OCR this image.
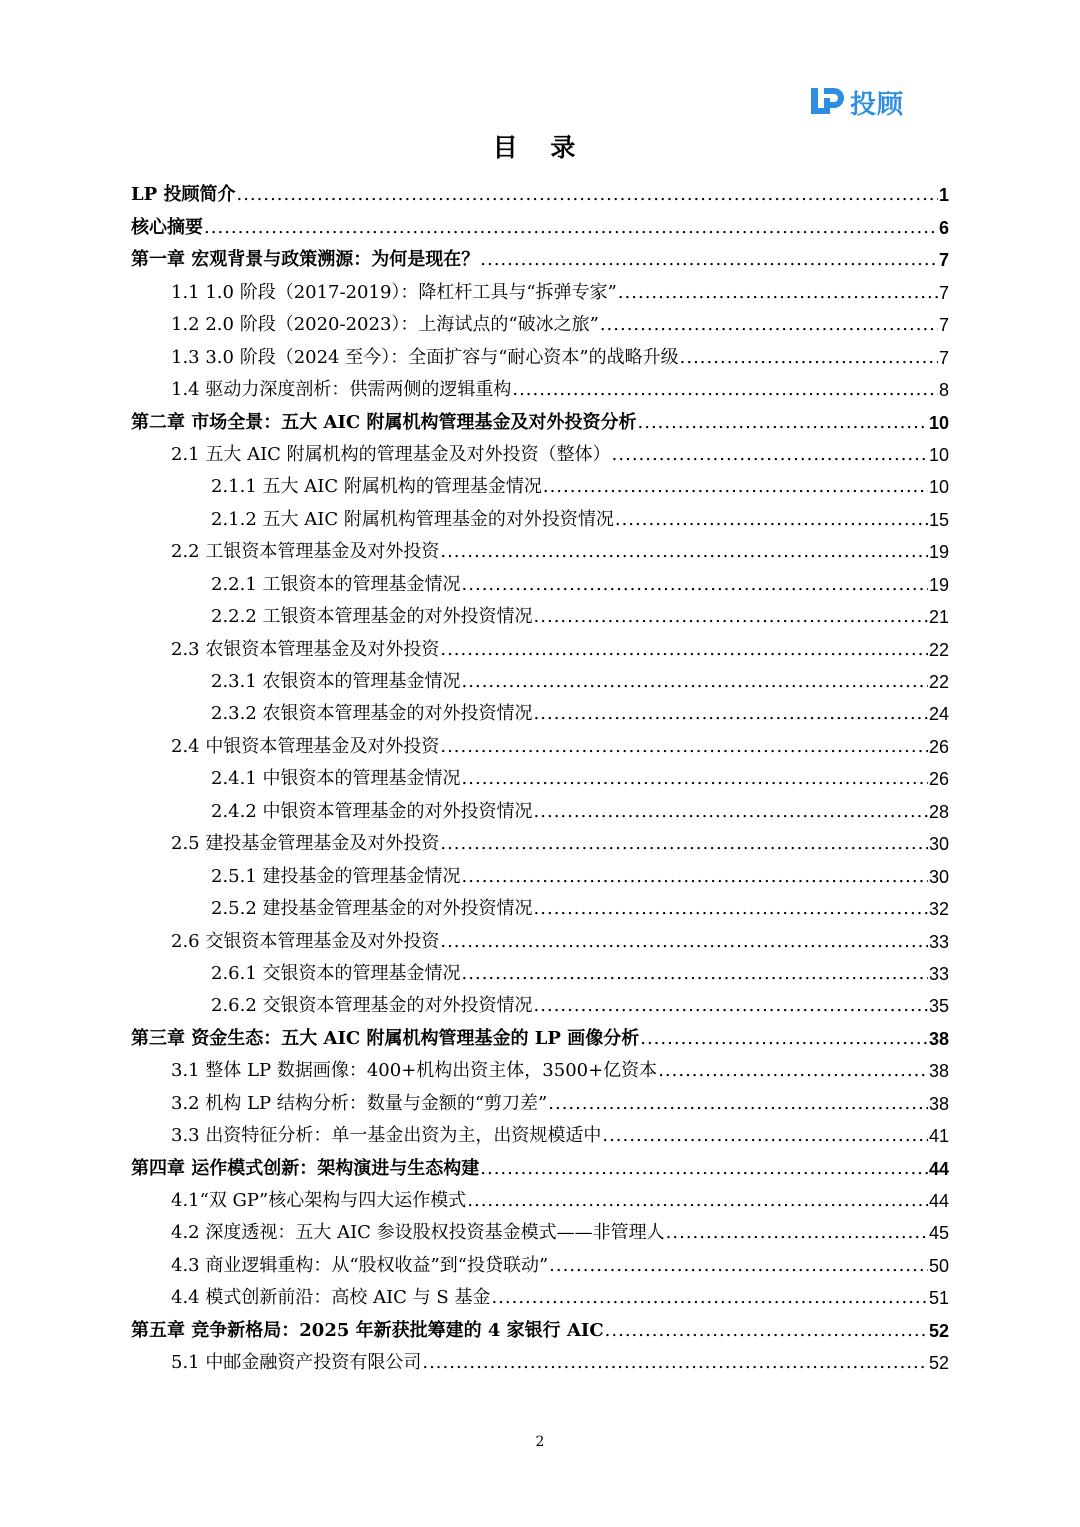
投顾
目 录
LP 投顾简介 .....	1
核心摘要 .....	6
第一章 宏观背景与政策溯源：为何是现在？ .....	7
1.1 1.0 阶段（2017-2019）：降杠杆工具与“拆弹专家” .....	7
1.2 2.0 阶段（2020-2023）：上海试点的“破冰之旅” .....	7
1.3 3.0 阶段（2024 至今）：全面扩容与“耐心资本”的战略升级 .....	7
1.4 驱动力深度剖析：供需两侧的逻辑重构 .....	8
第二章 市场全景：五大 AIC 附属机构管理基金及对外投资分析 .....	10
2.1 五大 AIC 附属机构的管理基金及对外投资（整体） .....	10
2.1.1 五大 AIC 附属机构的管理基金情况 .....	10
2.1.2 五大 AIC 附属机构管理基金的对外投资情况 .....	15
2.2 工银资本管理基金及对外投资 .....	19
2.2.1 工银资本的管理基金情况 .....	19
2.2.2 工银资本管理基金的对外投资情况 .....	21
2.3 农银资本管理基金及对外投资 .....	22
2.3.1 农银资本的管理基金情况 .....	22
2.3.2 农银资本管理基金的对外投资情况 .....	24
2.4 中银资本管理基金及对外投资 .....	26
2.4.1 中银资本的管理基金情况 .....	26
2.4.2 中银资本管理基金的对外投资情况 .....	28
2.5 建投基金管理基金及对外投资 .....	30
2.5.1 建投基金的管理基金情况 .....	30
2.5.2 建投基金管理基金的对外投资情况 .....	32
2.6 交银资本管理基金及对外投资 .....	33
2.6.1 交银资本的管理基金情况 .....	33
2.6.2 交银资本管理基金的对外投资情况 .....	35
第三章 资金生态：五大 AIC 附属机构管理基金的 LP 画像分析 .....	38
3.1 整体 LP 数据画像：400+机构出资主体，3500+亿资本 .....	38
3.2 机构 LP 结构分析：数量与金额的“剪刀差” .....	38
3.3 出资特征分析：单一基金出资为主，出资规模适中 .....	41
第四章 运作模式创新：架构演进与生态构建 .....	44
4.1“双 GP”核心架构与四大运作模式 .....	44
4.2 深度透视：五大 AIC 参设股权投资基金模式——非管理人 .....	45
4.3 商业逻辑重构：从“股权收益”到“投贷联动” .....	50
4.4 模式创新前沿：高校 AIC 与 S 基金 .....	51
第五章 竞争新格局：2025 年新获批筹建的 4 家银行 AIC .....	52
5.1 中邮金融资产投资有限公司 .....	52
2
